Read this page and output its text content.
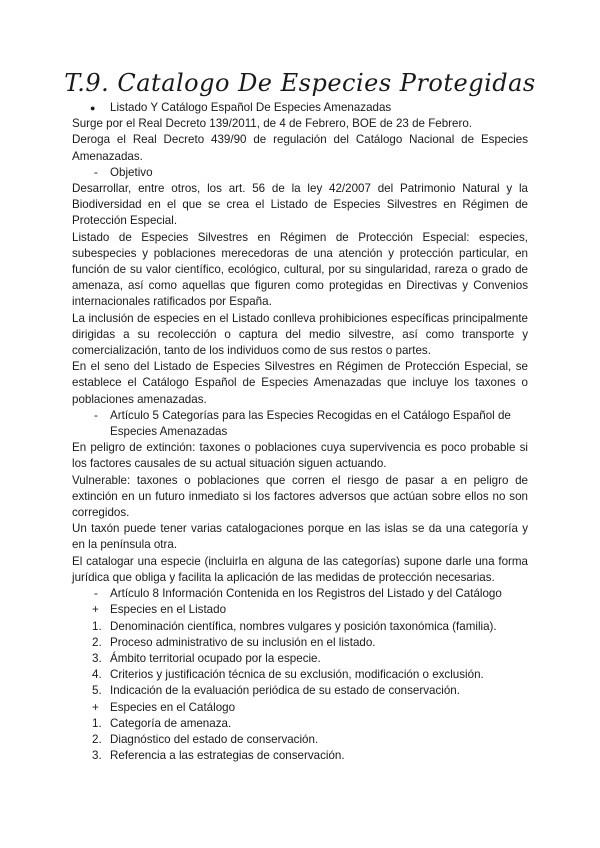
T.9. Catalogo De Especies Protegidas
●	Listado Y Catálogo Español De Especies Amenazadas

Surge por el Real Decreto 139/2011, de 4 de Febrero, BOE de 23 de Febrero.

Deroga el Real Decreto 439/90 de regulación del Catálogo Nacional de Especies Amenazadas.

-	Objetivo

Desarrollar, entre otros, los art. 56 de la ley 42/2007 del Patrimonio Natural y la Biodiversidad en el que se crea el Listado de Especies Silvestres en Régimen de Protección Especial.

Listado de Especies Silvestres en Régimen de Protección Especial: especies, subespecies y poblaciones merecedoras de una atención y protección particular, en función de su valor científico, ecológico, cultural, por su singularidad, rareza o grado de amenaza, así como aquellas que figuren como protegidas en Directivas y Convenios internacionales ratificados por España.

La inclusión de especies en el Listado conlleva prohibiciones específicas principalmente dirigidas a su recolección o captura del medio silvestre, así como transporte y comercialización, tanto de los individuos como de sus restos o partes.

En el seno del Listado de Especies Silvestres en Régimen de Protección Especial, se establece el Catálogo Español de Especies Amenazadas que incluye los taxones o poblaciones amenazadas.

-	Artículo 5 Categorías para las Especies Recogidas en el Catálogo Español de Especies Amenazadas

En peligro de extinción: taxones o poblaciones cuya supervivencia es poco probable si los factores causales de su actual situación siguen actuando.

Vulnerable: taxones o poblaciones que corren el riesgo de pasar a en peligro de extinción en un futuro inmediato si los factores adversos que actúan sobre ellos no son corregidos.

Un taxón puede tener varias catalogaciones porque en las islas se da una categoría y en la península otra.

El catalogar una especie (incluirla en alguna de las categorías) supone darle una forma jurídica que obliga y facilita la aplicación de las medidas de protección necesarias.

-	Artículo 8 Información Contenida en los Registros del Listado y del Catálogo
+ Especies en el Listado
1. Denominación científica, nombres vulgares y posición taxonómica (familia).
2. Proceso administrativo de su inclusión en el listado.
3. Ámbito territorial ocupado por la especie.
4. Criterios y justificación técnica de su exclusión, modificación o exclusión.
5. Indicación de la evaluación periódica de su estado de conservación.
+ Especies en el Catálogo
1. Categoría de amenaza.
2. Diagnóstico del estado de conservación.
3. Referencia a las estrategias de conservación.
